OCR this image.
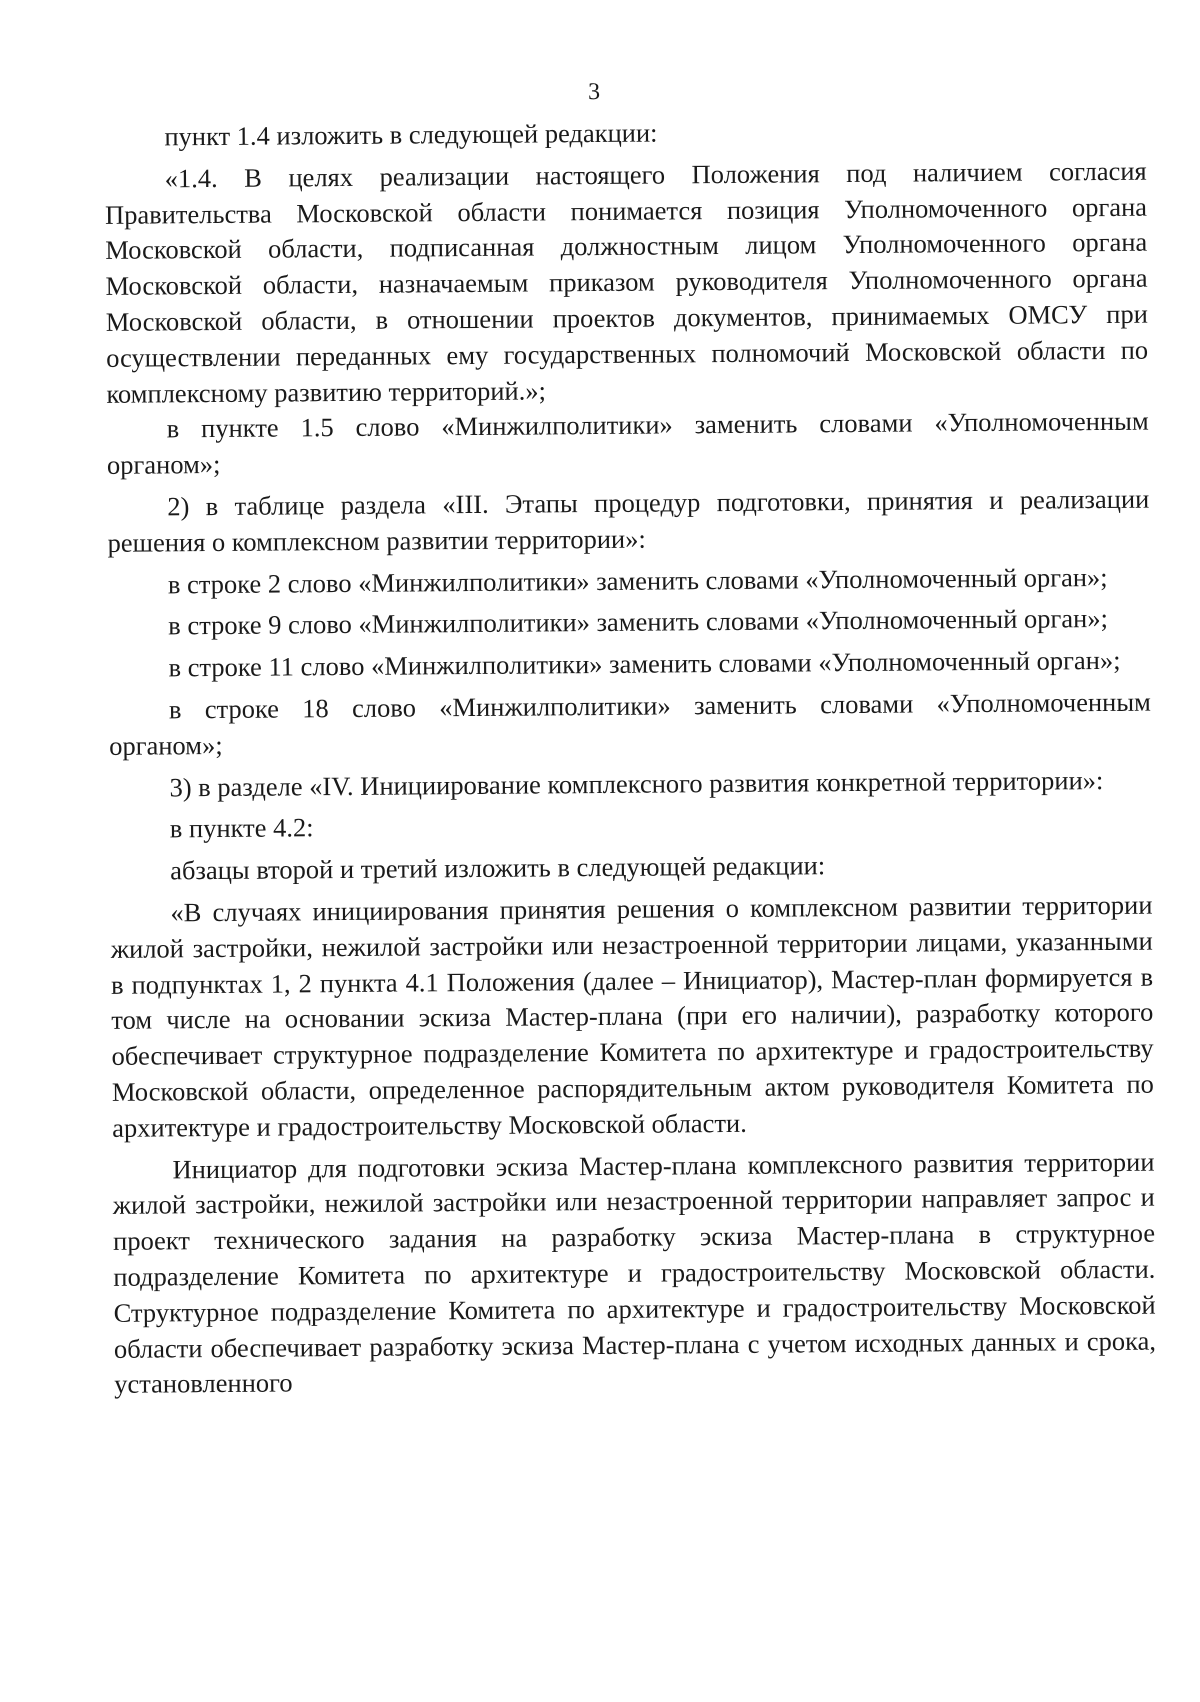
3

пункт 1.4 изложить в следующей редакции:

«1.4. В целях реализации настоящего Положения под наличием согласия Правительства Московской области понимается позиция Уполномоченного органа Московской области, подписанная должностным лицом Уполномоченного органа Московской области, назначаемым приказом руководителя Уполномоченного органа Московской области, в отношении проектов документов, принимаемых ОМСУ при осуществлении переданных ему государственных полномочий Московской области по комплексному развитию территорий.»;

в пункте 1.5 слово «Минжилполитики» заменить словами «Уполномоченным органом»;

2) в таблице раздела «III. Этапы процедур подготовки, принятия и реализации решения о комплексном развитии территории»:

в строке 2 слово «Минжилполитики» заменить словами «Уполномоченный орган»;

в строке 9 слово «Минжилполитики» заменить словами «Уполномоченный орган»;

в строке 11 слово «Минжилполитики» заменить словами «Уполномоченный орган»;

в строке 18 слово «Минжилполитики» заменить словами «Уполномоченным органом»;

3) в разделе «IV. Инициирование комплексного развития конкретной территории»:

в пункте 4.2:

абзацы второй и третий изложить в следующей редакции:

«В случаях инициирования принятия решения о комплексном развитии территории жилой застройки, нежилой застройки или незастроенной территории лицами, указанными в подпунктах 1, 2 пункта 4.1 Положения (далее – Инициатор), Мастер-план формируется в том числе на основании эскиза Мастер-плана (при его наличии), разработку которого обеспечивает структурное подразделение Комитета по архитектуре и градостроительству Московской области, определенное распорядительным актом руководителя Комитета по архитектуре и градостроительству Московской области.

Инициатор для подготовки эскиза Мастер-плана комплексного развития территории жилой застройки, нежилой застройки или незастроенной территории направляет запрос и проект технического задания на разработку эскиза Мастер-плана в структурное подразделение Комитета по архитектуре и градостроительству Московской области. Структурное подразделение Комитета по архитектуре и градостроительству Московской области обеспечивает разработку эскиза Мастер-плана с учетом исходных данных и срока, установленного
